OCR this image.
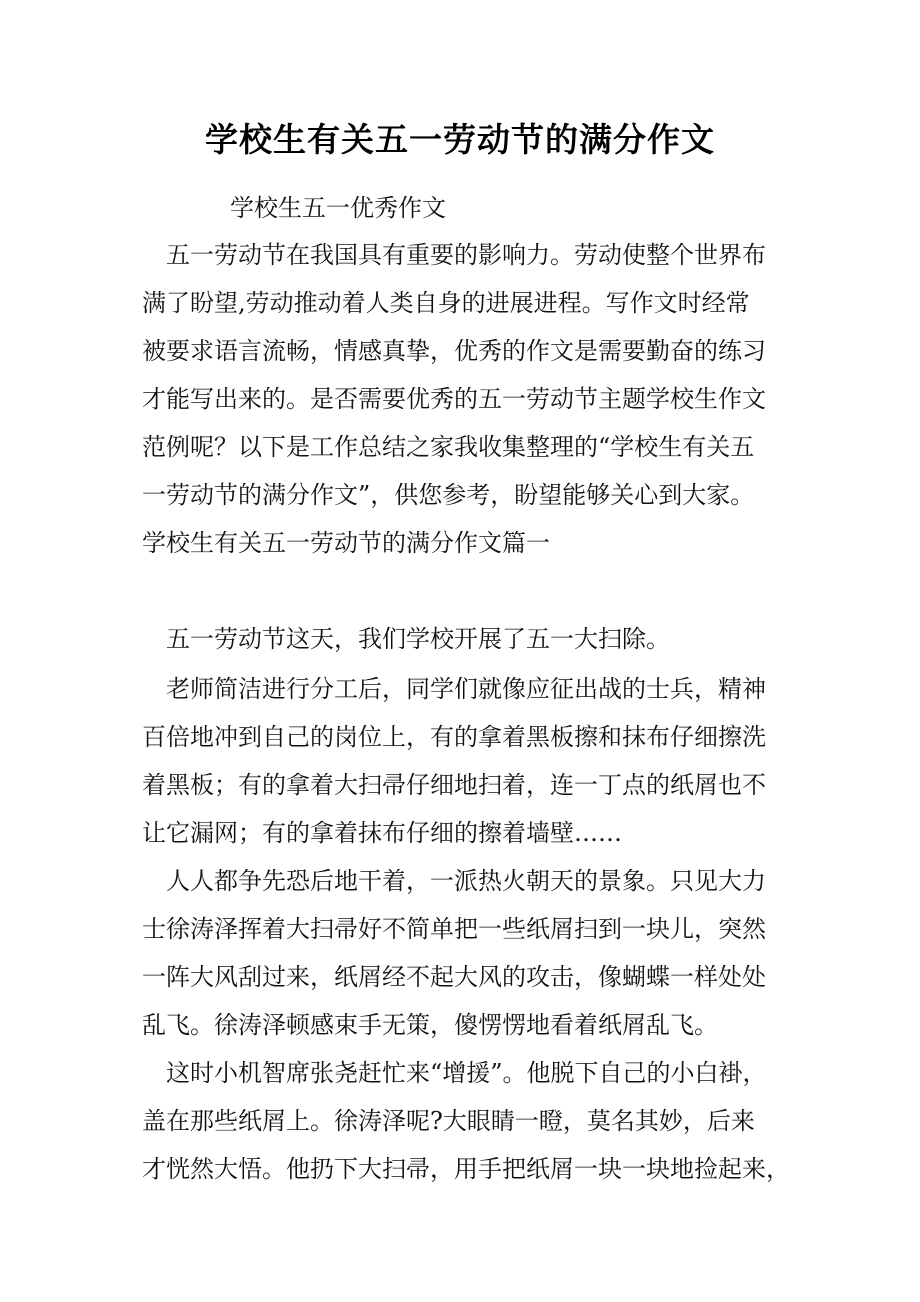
学校生有关五一劳动节的满分作文
学校生五一优秀作文
五一劳动节在我国具有重要的影响力。劳动使整个世界布
满了盼望,劳动推动着人类自身的进展进程。写作文时经常
被要求语言流畅，情感真挚，优秀的作文是需要勤奋的练习
才能写出来的。是否需要优秀的五一劳动节主题学校生作文
范例呢？以下是工作总结之家我收集整理的“学校生有关五
一劳动节的满分作文”，供您参考，盼望能够关心到大家。
学校生有关五一劳动节的满分作文篇一
五一劳动节这天，我们学校开展了五一大扫除。
老师简洁进行分工后，同学们就像应征出战的士兵，精神
百倍地冲到自己的岗位上，有的拿着黑板擦和抹布仔细擦洗
着黑板；有的拿着大扫帚仔细地扫着，连一丁点的纸屑也不
让它漏网；有的拿着抹布仔细的擦着墙壁……
人人都争先恐后地干着，一派热火朝天的景象。只见大力
士徐涛泽挥着大扫帚好不简单把一些纸屑扫到一块儿，突然
一阵大风刮过来，纸屑经不起大风的攻击，像蝴蝶一样处处
乱飞。徐涛泽顿感束手无策，傻愣愣地看着纸屑乱飞。
这时小机智席张尧赶忙来“增援”。他脱下自己的小白褂，
盖在那些纸屑上。徐涛泽呢?大眼睛一瞪，莫名其妙，后来
才恍然大悟。他扔下大扫帚，用手把纸屑一块一块地捡起来，
